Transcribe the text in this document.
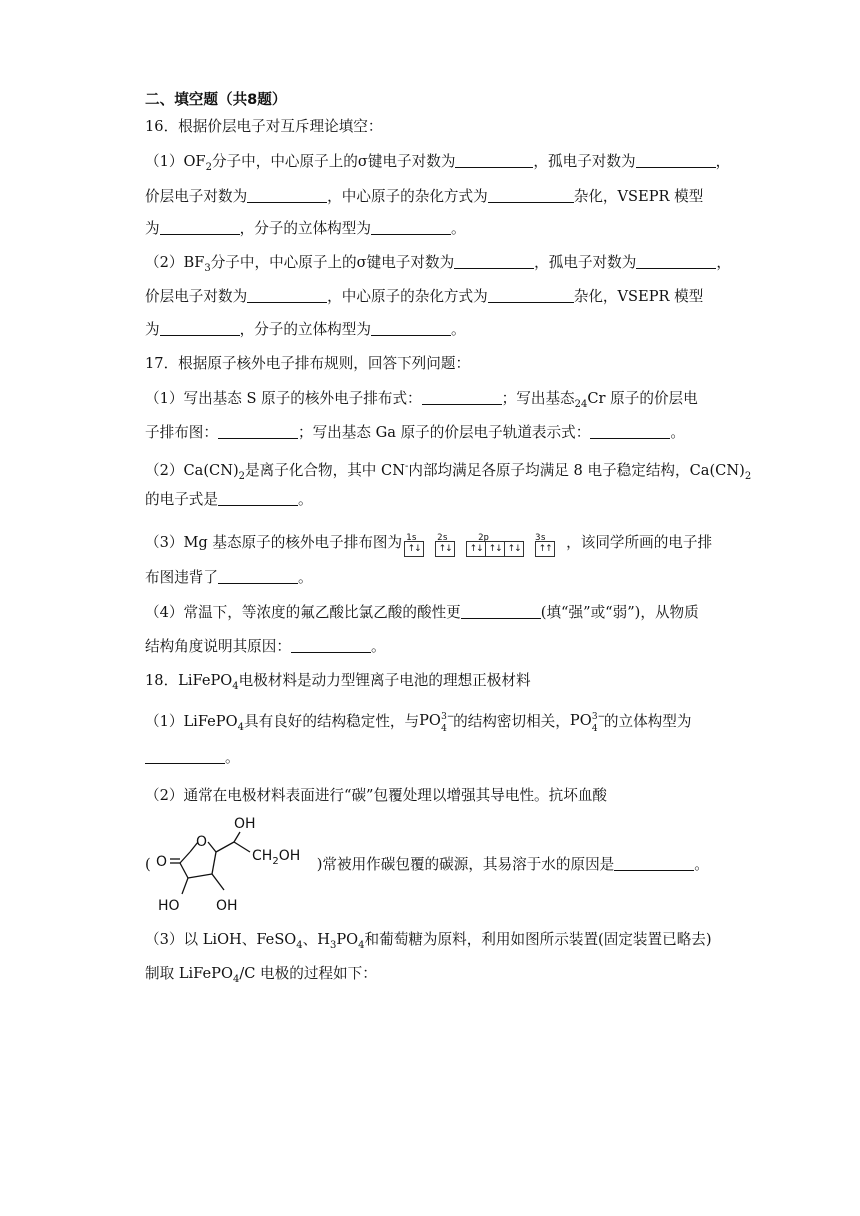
二、填空题（共8题）
16．根据价层电子对互斥理论填空：
$(1)OF_2$分子中，中心原子上的σ键电子对数为	，孤电子对数为	，
价层电子对数为	，中心原子的杂化方式为	杂化，VSEPR 模型
为	，分子的立体构型为	。
$(2)BF_3$分子中，中心原子上的σ键电子对数为	，孤电子对数为	，
价层电子对数为	，中心原子的杂化方式为	杂化，VSEPR 模型
为	，分子的立体构型为	。
17．根据原子核外电子排布规则，回答下列问题：
（1）写出基态 S 原子的核外电子排布式：	；写出基态$_{24}$Cr 原子的价层电
子排布图：	；写出基态 Ga 原子的价层电子轨道表示式：	。
$(2)Ca(CN)_2$是离子化合物，其中 CN-内部均满足各原子均满足 8 电子稳定结构，$Ca(CN)_2$
的电子式是	。
（3）Mg 基态原子的核外电子排布图为 1s 2s	2p	3s
↑↓	↑↓	↑↓ ↑↓ ↑↓	↑↑ ，该同学所画的电子排
布图违背了	。
（4）常温下，等浓度的氟乙酸比氯乙酸的酸性更	(填“强”或“弱”)，从物质
结构角度说明其原因：	。
18．LiFePO$_4$电极材料是动力型锂离子电池的理想正极材料
（1）LiFePO$_4$具有良好的结构稳定性，与 PO 3−
4 的结构密切相关， PO 3−
4 的立体构型为
。
（2）通常在电极材料表面进行“碳”包覆处理以增强其导电性。抗坏血酸
OH
O
O	$CH_2OH$
HO	OH
(	)常被用作碳包覆的碳源，其易溶于水的原因是	。
（3）以 LiOH、FeSO$_4$、$H_3PO_4$和葡萄糖为原料，利用如图所示装置(固定装置已略去)
制取 LiFePO$_4$/C 电极的过程如下：
